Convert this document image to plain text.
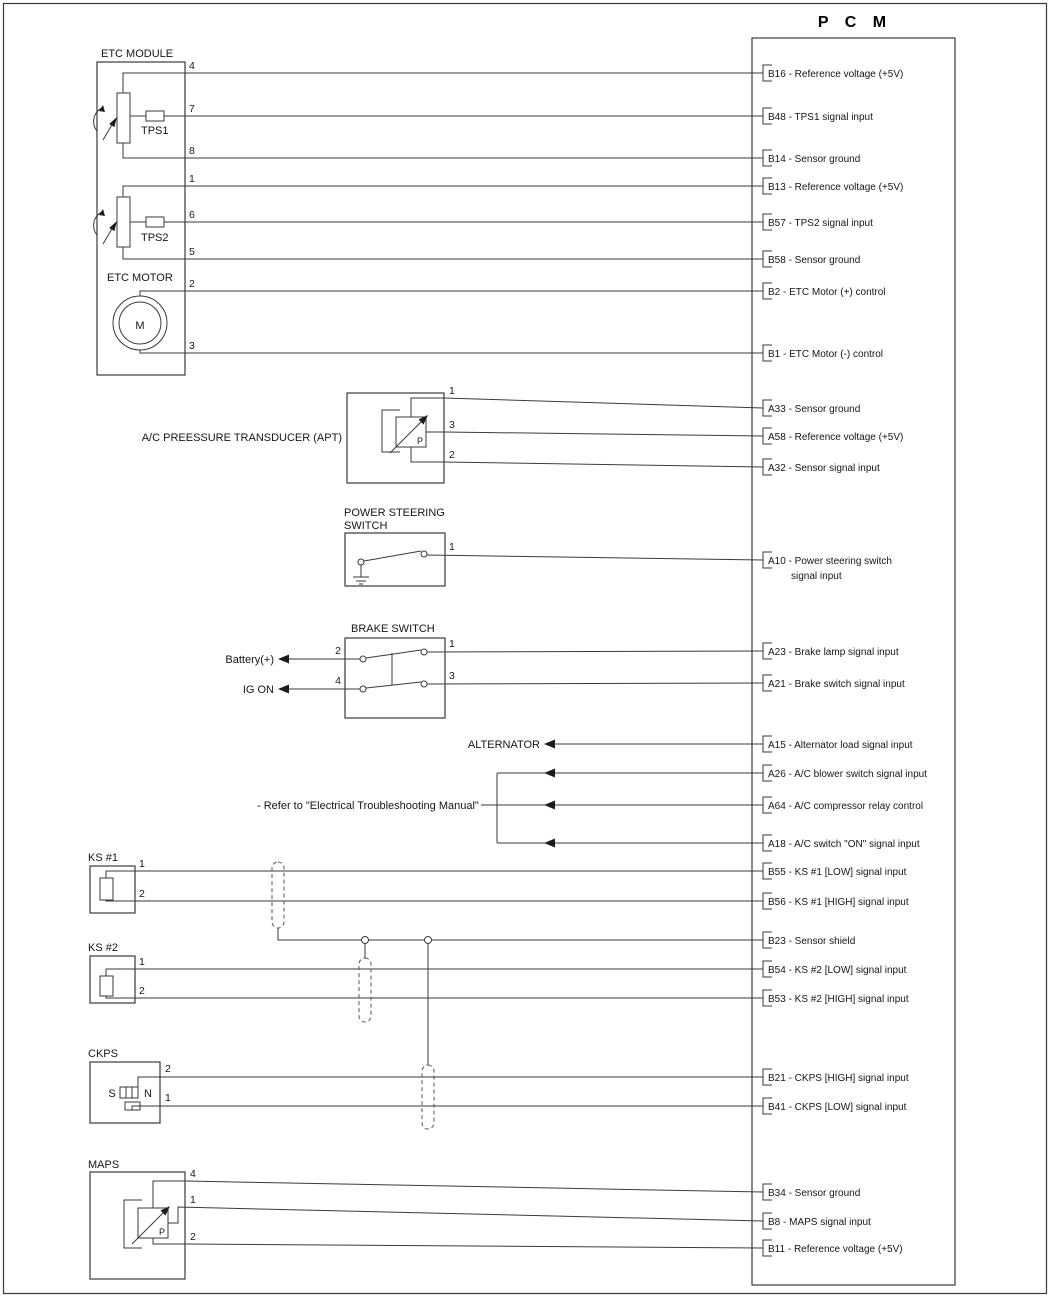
P C M
B16 - Reference voltage (+5V)
B48 - TPS1 signal input
B14 - Sensor ground
B13 - Reference voltage (+5V)
B57 - TPS2 signal input
B58 - Sensor ground
B2 - ETC Motor (+) control
B1 - ETC Motor (-) control
A33 - Sensor ground
A58 - Reference voltage (+5V)
A32 - Sensor signal input
A10 - Power steering switch
signal input
A23 - Brake lamp signal input
A21 - Brake switch signal input
A15 - Alternator load signal input
A26 - A/C blower switch signal input
A64 - A/C compressor relay control
A18 - A/C switch "ON" signal input
B55 - KS #1 [LOW] signal input
B56 - KS #1 [HIGH] signal input
B23 - Sensor shield
B54 - KS #2 [LOW] signal input
B53 - KS #2 [HIGH] signal input
B21 - CKPS [HIGH] signal input
B41 - CKPS [LOW] signal input
B34 - Sensor ground
B8 - MAPS signal input
B11 - Reference voltage (+5V)
ETC MODULE
TPS1
TPS2
ETC MOTOR
M
4
7
8
1
6
5
2
3
A/C PREESSURE TRANSDUCER (APT)	P
1
3
2
POWER STEERING
SWITCH
1
BRAKE SWITCH
Battery(+)
IG ON
2
4
1
3
ALTERNATOR
- Refer to "Electrical Troubleshooting Manual"
KS #1 1
2
KS #2
1
2
CKPS
S	N
2
1
MAPS
P
4
1
2
